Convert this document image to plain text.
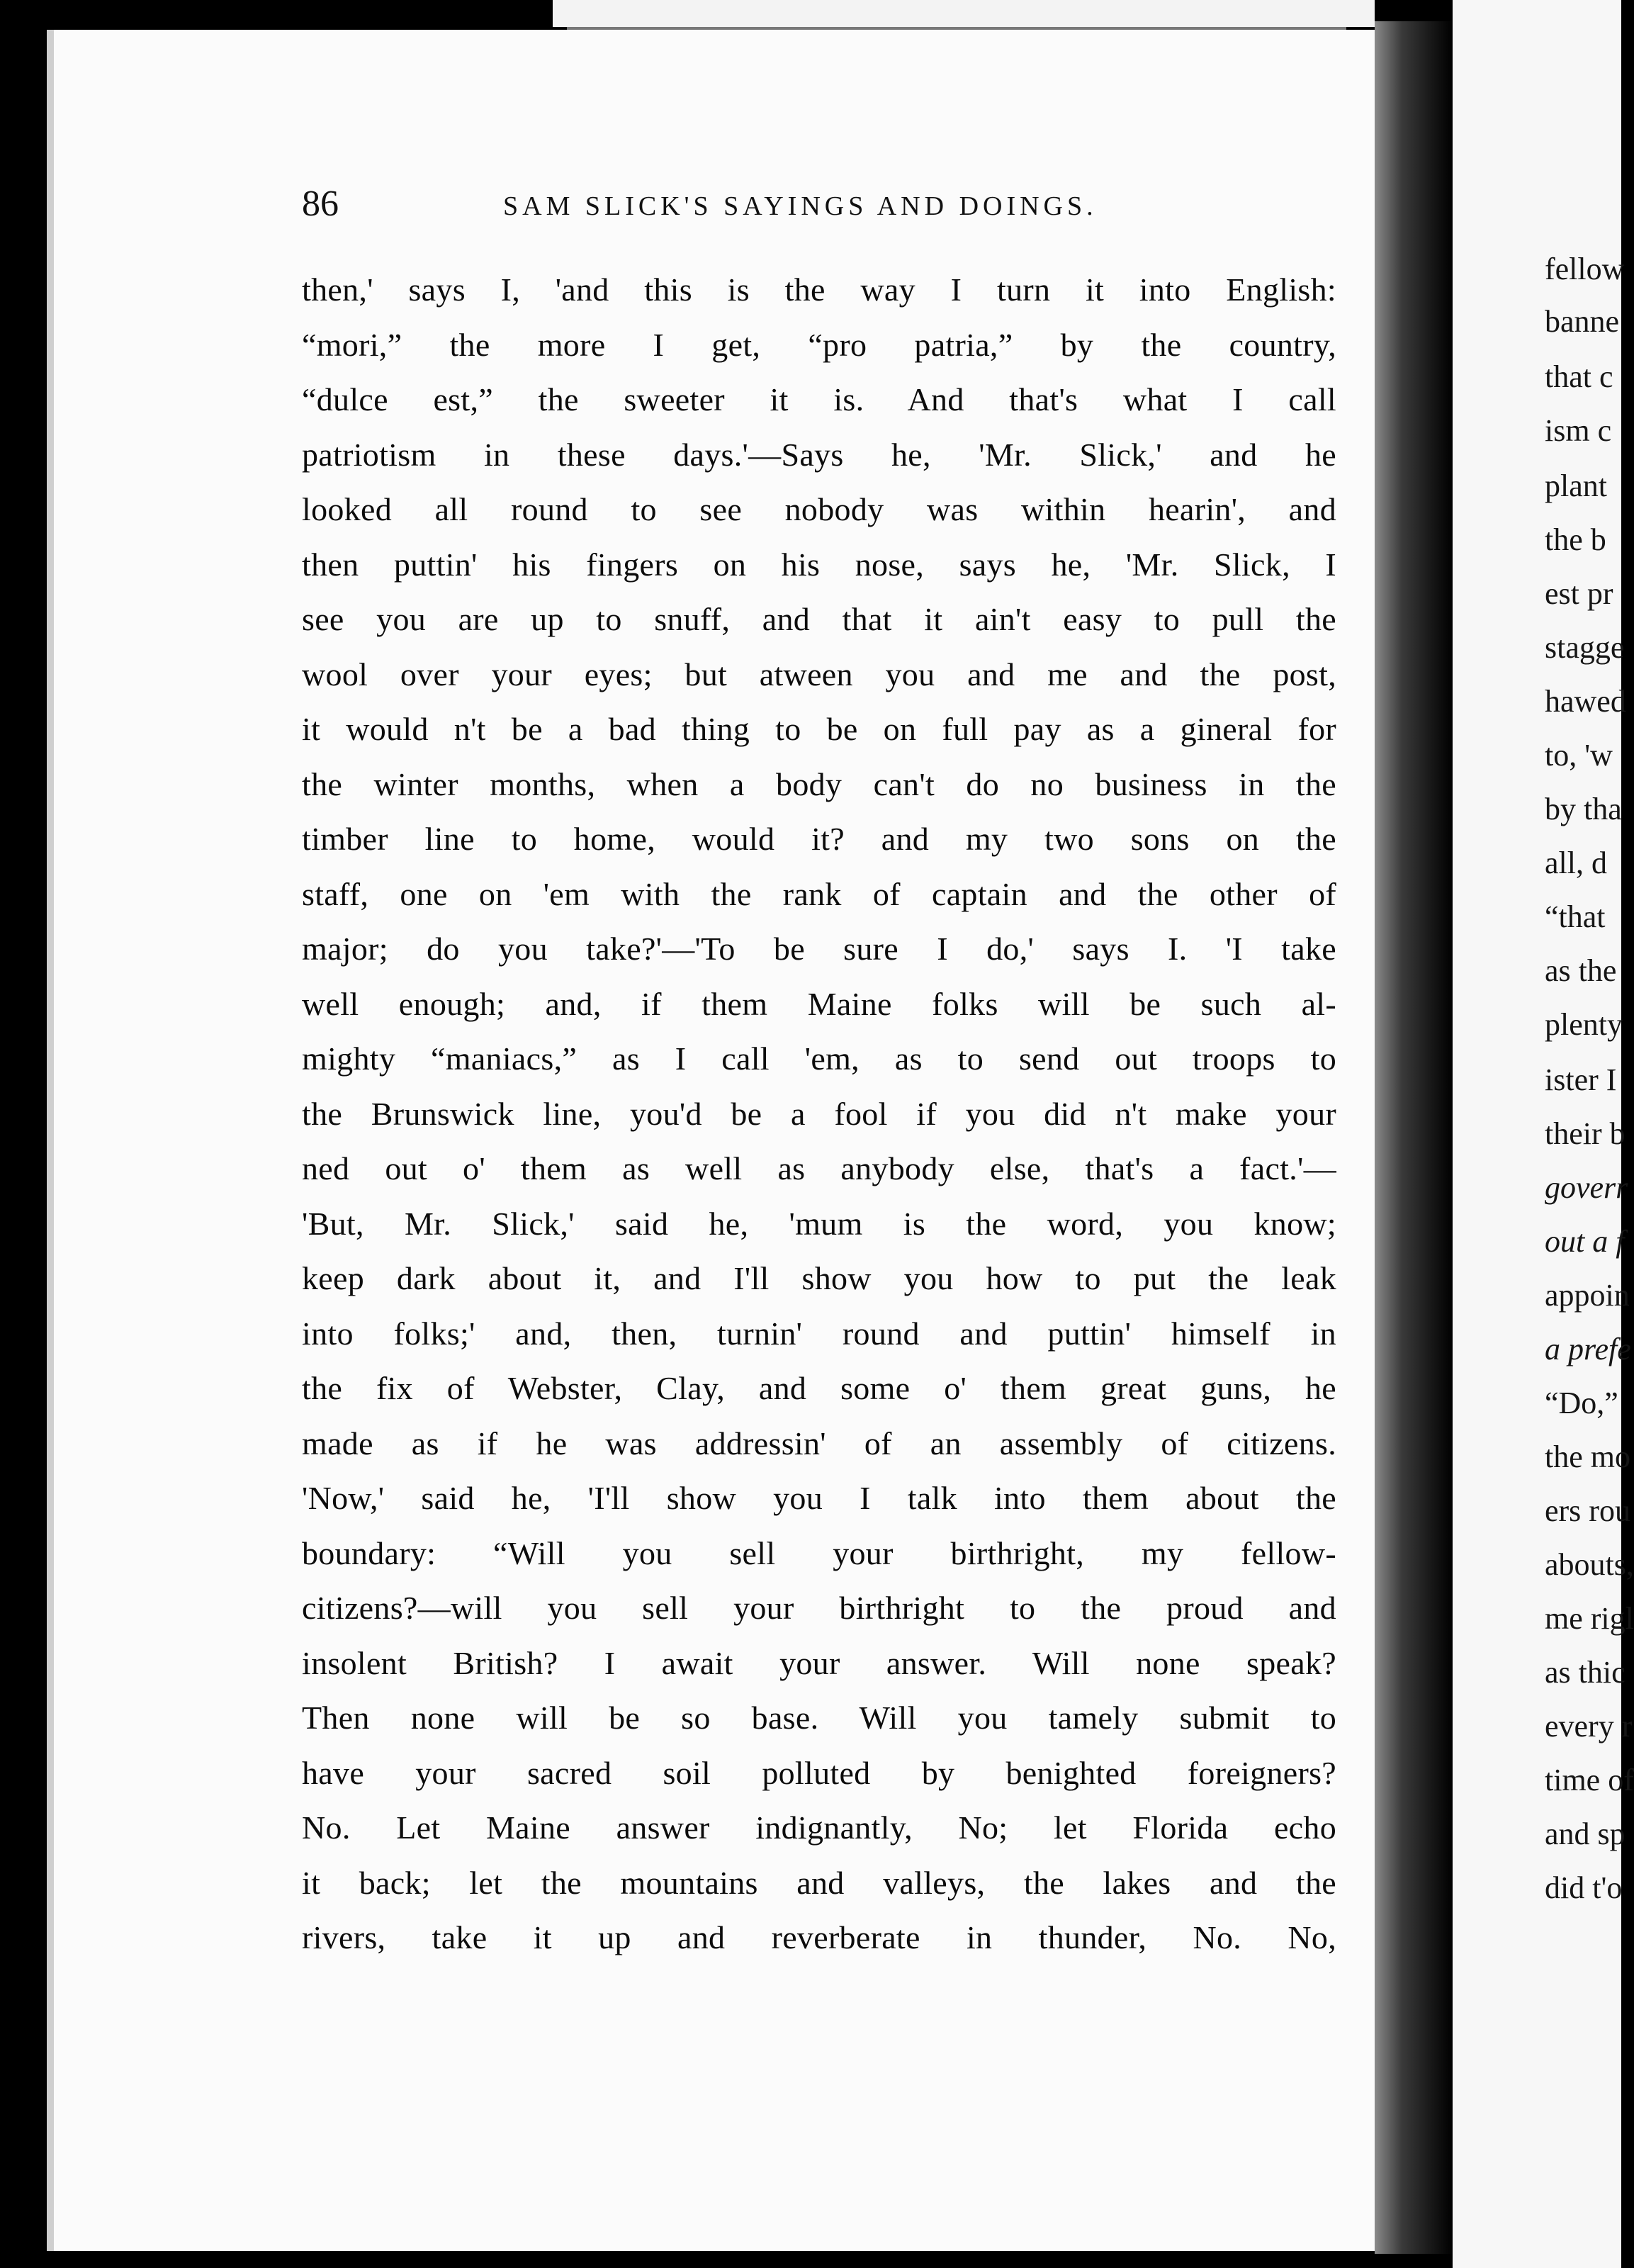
fellow
banne
that c
ism c
plant
the b
est pr
stagge
hawed
to, 'w
by tha
all, d
“that
as the
plenty
ister I
their b
goverr
out a f
appoin
a prefe
“Do,”
the mo
ers rou
abouts,
me rigl
as thic
every r
time of
and sp
did t'o
86	SAM SLICK'S SAYINGS AND DOINGS.
then,' says I, 'and this is the way I turn it into English:
“mori,” the more I get, “pro patria,” by the country,
“dulce est,” the sweeter it is. And that's what I call
patriotism in these days.'—Says he, 'Mr. Slick,' and he
looked all round to see nobody was within hearin', and
then puttin' his fingers on his nose, says he, 'Mr. Slick, I
see you are up to snuff, and that it ain't easy to pull the
wool over your eyes; but atween you and me and the post,
it would n't be a bad thing to be on full pay as a gineral for
the winter months, when a body can't do no business in the
timber line to home, would it? and my two sons on the
staff, one on 'em with the rank of captain and the other of
major; do you take?'—'To be sure I do,' says I. 'I take
well enough; and, if them Maine folks will be such al-
mighty “maniacs,” as I call 'em, as to send out troops to
the Brunswick line, you'd be a fool if you did n't make your
ned out o' them as well as anybody else, that's a fact.'—
'But, Mr. Slick,' said he, 'mum is the word, you know;
keep dark about it, and I'll show you how to put the leak
into folks;' and, then, turnin' round and puttin' himself in
the fix of Webster, Clay, and some o' them great guns, he
made as if he was addressin' of an assembly of citizens.
'Now,' said he, 'I'll show you I talk into them about the
boundary: “Will you sell your birthright, my fellow-
citizens?—will you sell your birthright to the proud and
insolent British? I await your answer. Will none speak?
Then none will be so base. Will you tamely submit to
have your sacred soil polluted by benighted foreigners?
No. Let Maine answer indignantly, No; let Florida echo
it back; let the mountains and valleys, the lakes and the
rivers, take it up and reverberate in thunder, No. No,
